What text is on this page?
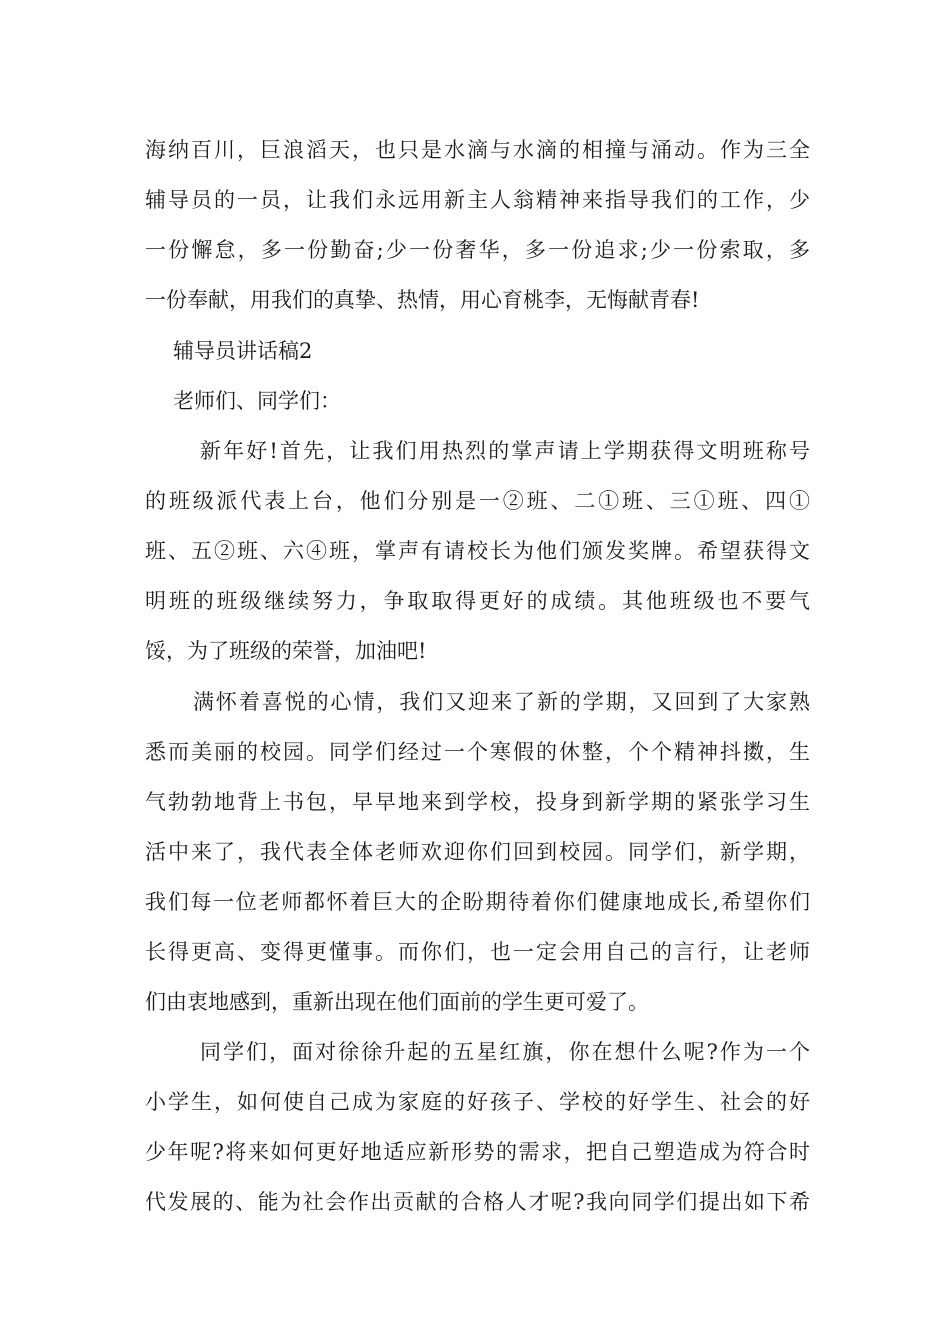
海纳百川，巨浪滔天，也只是水滴与水滴的相撞与涌动。作为三全
辅导员的一员，让我们永远用新主人翁精神来指导我们的工作，少
一份懈怠，多一份勤奋;少一份奢华，多一份追求;少一份索取，多
一份奉献，用我们的真挚、热情，用心育桃李，无悔献青春!
辅导员讲话稿2
老师们、同学们：
新年好!首先，让我们用热烈的掌声请上学期获得文明班称号
的班级派代表上台，他们分别是一②班、二①班、三①班、四①
班、五②班、六④班，掌声有请校长为他们颁发奖牌。希望获得文
明班的班级继续努力，争取取得更好的成绩。其他班级也不要气
馁，为了班级的荣誉，加油吧!
满怀着喜悦的心情，我们又迎来了新的学期，又回到了大家熟
悉而美丽的校园。同学们经过一个寒假的休整，个个精神抖擞，生
气勃勃地背上书包，早早地来到学校，投身到新学期的紧张学习生
活中来了，我代表全体老师欢迎你们回到校园。同学们，新学期，
我们每一位老师都怀着巨大的企盼期待着你们健康地成长,希望你们
长得更高、变得更懂事。而你们，也一定会用自己的言行，让老师
们由衷地感到，重新出现在他们面前的学生更可爱了。
同学们，面对徐徐升起的五星红旗，你在想什么呢?作为一个
小学生，如何使自己成为家庭的好孩子、学校的好学生、社会的好
少年呢?将来如何更好地适应新形势的需求，把自己塑造成为符合时
代发展的、能为社会作出贡献的合格人才呢?我向同学们提出如下希
